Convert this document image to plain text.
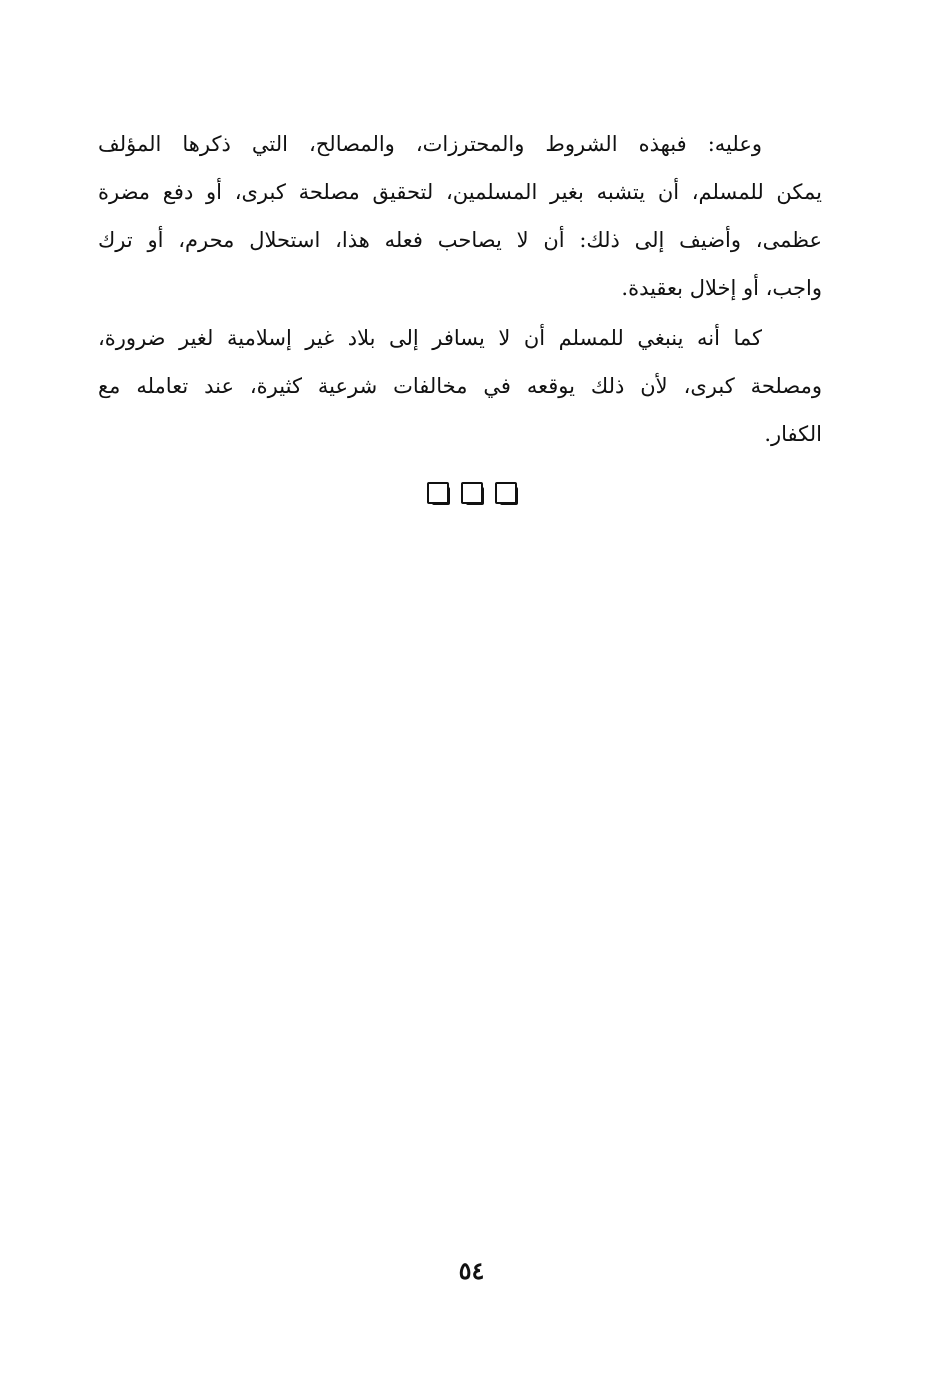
وعليه: فبهذه الشروط والمحترزات، والمصالح، التي ذكرها المؤلف
يمكن للمسلم، أن يتشبه بغير المسلمين، لتحقيق مصلحة كبرى، أو دفع مضرة
عظمى، وأضيف إلى ذلك: أن لا يصاحب فعله هذا، استحلال محرم، أو ترك
واجب، أو إخلال بعقيدة.
كما أنه ينبغي للمسلم أن لا يسافر إلى بلاد غير إسلامية لغير ضرورة،
ومصلحة كبرى، لأن ذلك يوقعه في مخالفات شرعية كثيرة، عند تعامله مع
الكفار.
٥٤
